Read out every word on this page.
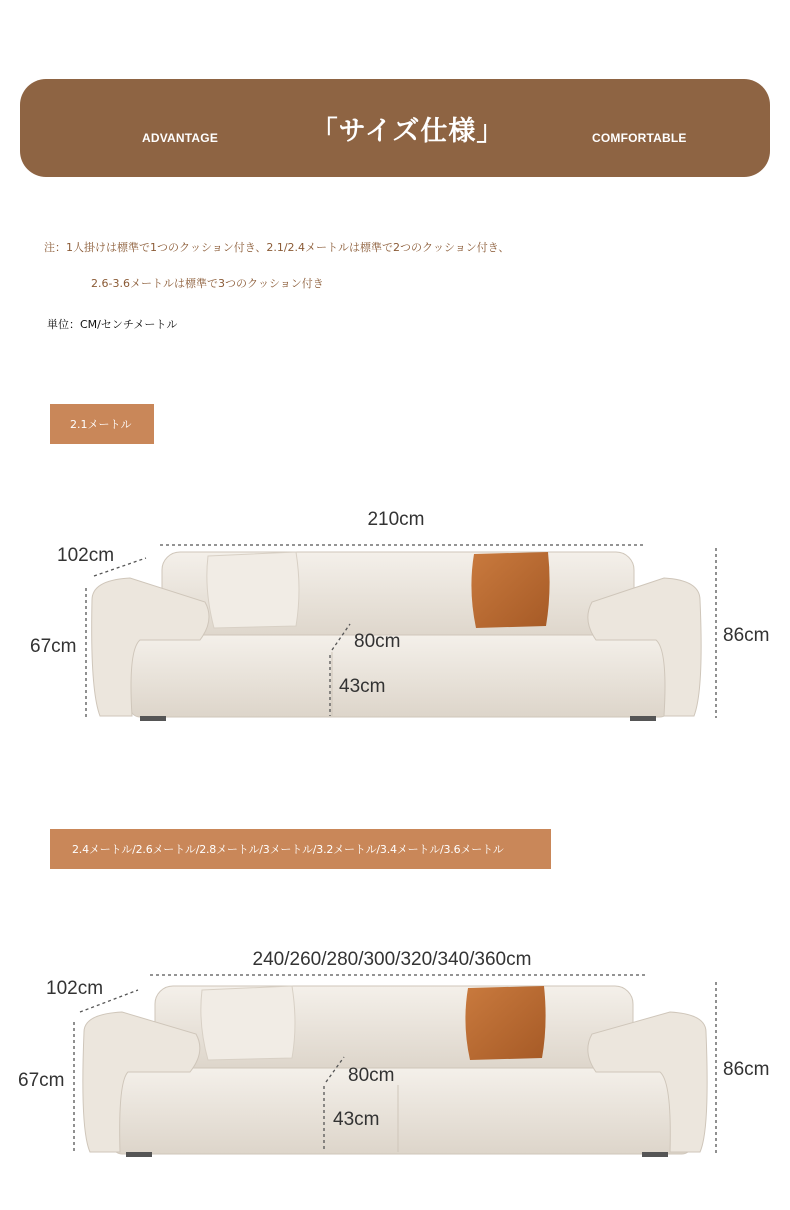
ADVANTAGE	「サイズ仕様」	COMFORTABLE
注：1人掛けは標準で1つのクッション付き、2.1/2.4メートルは標準で2つのクッション付き、
2.6-3.6メートルは標準で3つのクッション付き
単位：CM/センチメートル
2.1メートル
210cm
102cm
67cm
86cm
80cm
43cm
2.4メートル/2.6メートル/2.8メートル/3メートル/3.2メートル/3.4メートル/3.6メートル
240/260/280/300/320/340/360cm
102cm
67cm
86cm
80cm
43cm
